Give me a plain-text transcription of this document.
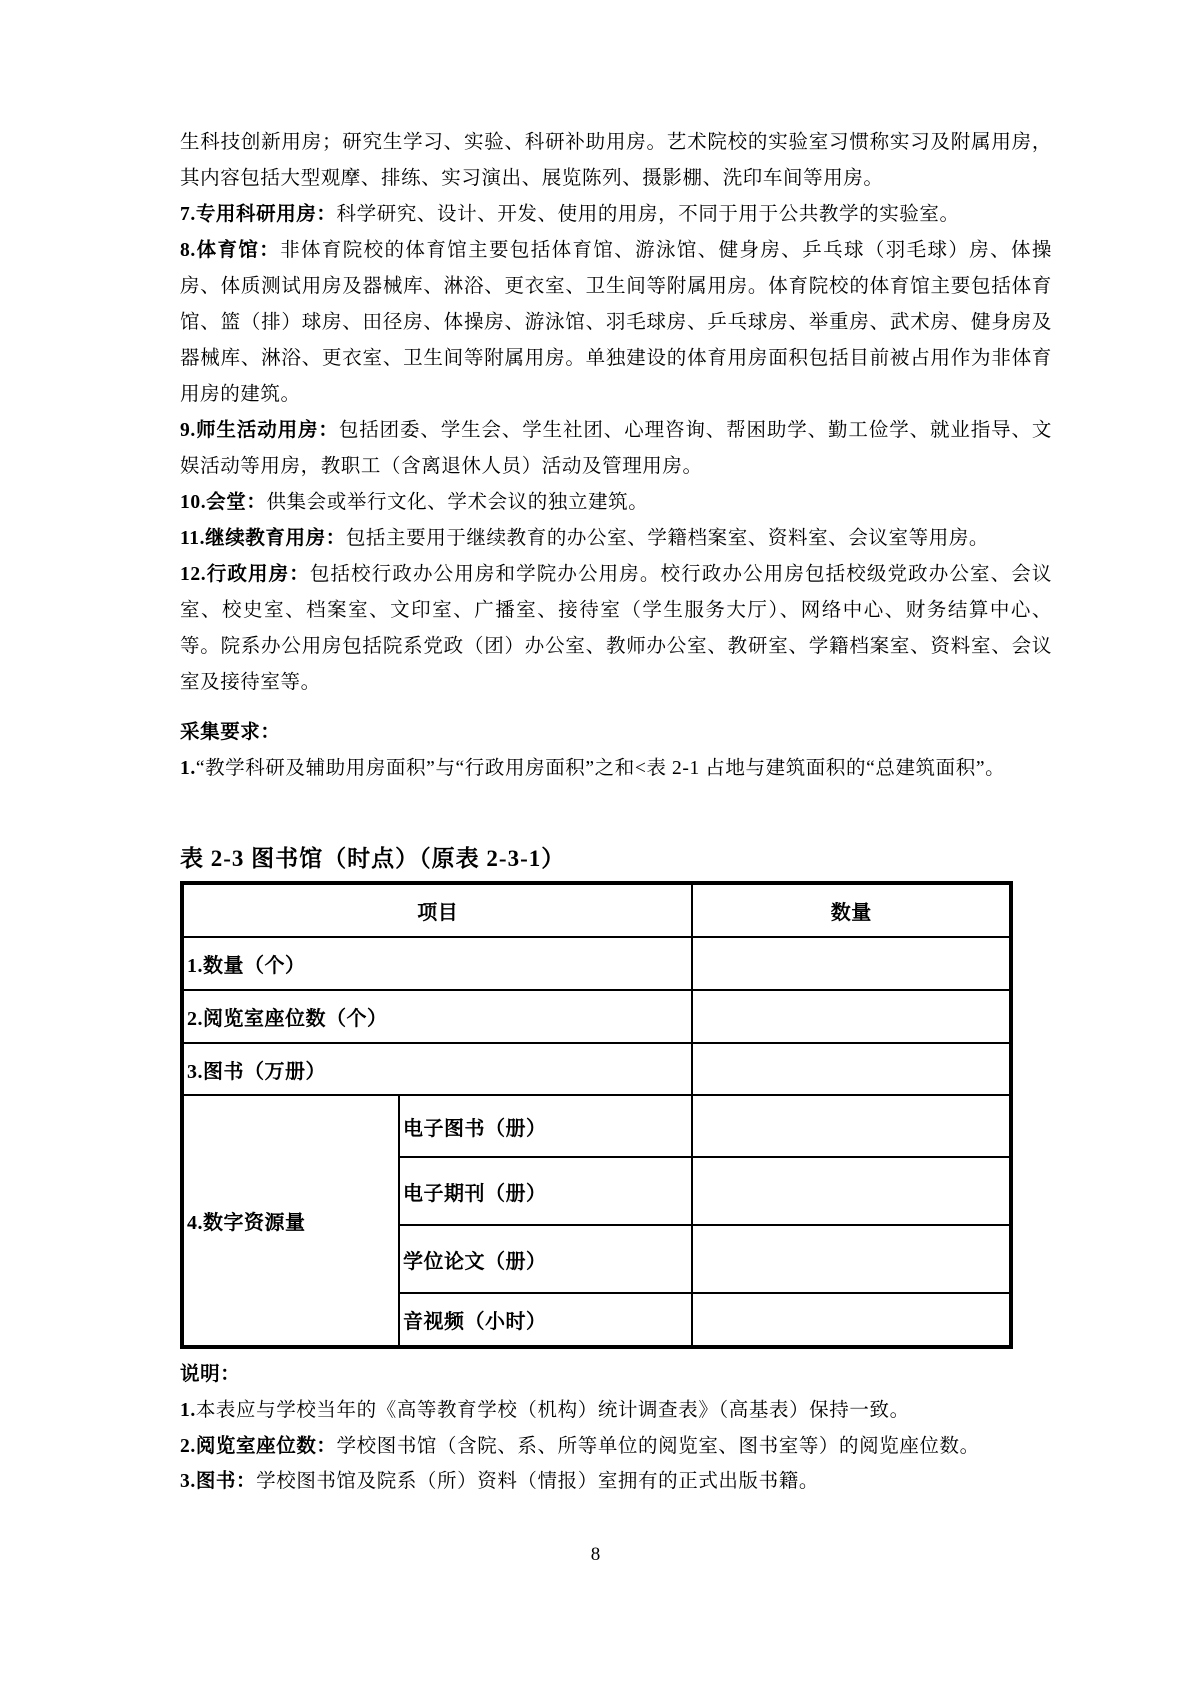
生科技创新用房；研究生学习、实验、科研补助用房。艺术院校的实验室习惯称实习及附属用房，其内容包括大型观摩、排练、实习演出、展览陈列、摄影棚、洗印车间等用房。

7.专用科研用房：科学研究、设计、开发、使用的用房，不同于用于公共教学的实验室。

8.体育馆：非体育院校的体育馆主要包括体育馆、游泳馆、健身房、乒乓球（羽毛球）房、体操房、体质测试用房及器械库、淋浴、更衣室、卫生间等附属用房。体育院校的体育馆主要包括体育馆、篮（排）球房、田径房、体操房、游泳馆、羽毛球房、乒乓球房、举重房、武术房、健身房及器械库、淋浴、更衣室、卫生间等附属用房。单独建设的体育用房面积包括目前被占用作为非体育用房的建筑。

9.师生活动用房：包括团委、学生会、学生社团、心理咨询、帮困助学、勤工俭学、就业指导、文娱活动等用房，教职工（含离退休人员）活动及管理用房。

10.会堂：供集会或举行文化、学术会议的独立建筑。

11.继续教育用房：包括主要用于继续教育的办公室、学籍档案室、资料室、会议室等用房。

12.行政用房：包括校行政办公用房和学院办公用房。校行政办公用房包括校级党政办公室、会议室、校史室、档案室、文印室、广播室、接待室（学生服务大厅）、网络中心、财务结算中心、等。院系办公用房包括院系党政（团）办公室、教师办公室、教研室、学籍档案室、资料室、会议室及接待室等。

采集要求：

1.“教学科研及辅助用房面积”与“行政用房面积”之和<表 2-1 占地与建筑面积的“总建筑面积”。

表 2-3 图书馆（时点）（原表 2-3-1）
项目		数量
1.数量（个）		
2.阅览室座位数（个）		
3.图书（万册）		
4.数字资源量	电子图书（册）	
	电子期刊（册）	
	学位论文（册）	
	音视频（小时）	
说明：

1.本表应与学校当年的《高等教育学校（机构）统计调查表》（高基表）保持一致。

2.阅览室座位数：学校图书馆（含院、系、所等单位的阅览室、图书室等）的阅览座位数。

3.图书：学校图书馆及院系（所）资料（情报）室拥有的正式出版书籍。

8
